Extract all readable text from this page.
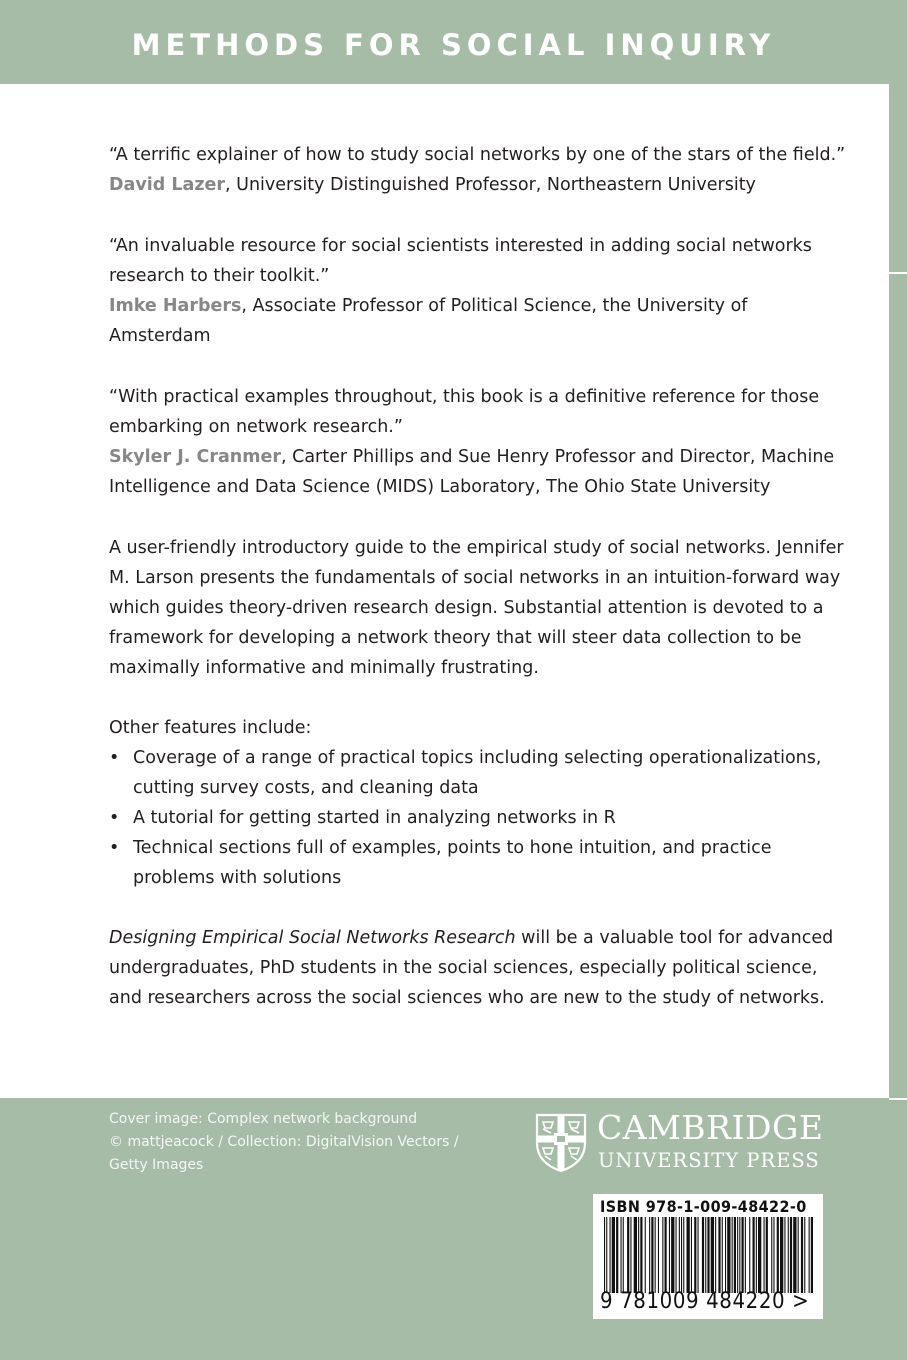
METHODS FOR SOCIAL INQUIRY

“A terrific explainer of how to study social networks by one of the stars of the field.”

David Lazer, University Distinguished Professor, Northeastern University

“An invaluable resource for social scientists interested in adding social networks research to their toolkit.”

Imke Harbers, Associate Professor of Political Science, the University of Amsterdam

“With practical examples throughout, this book is a definitive reference for those embarking on network research.”

Skyler J. Cranmer, Carter Phillips and Sue Henry Professor and Director, Machine Intelligence and Data Science (MIDS) Laboratory, The Ohio State University

A user-friendly introductory guide to the empirical study of social networks. Jennifer M. Larson presents the fundamentals of social networks in an intuition-forward way which guides theory-driven research design. Substantial attention is devoted to a framework for developing a network theory that will steer data collection to be maximally informative and minimally frustrating.

Other features include:

• Coverage of a range of practical topics including selecting operationalizations, cutting survey costs, and cleaning data
• A tutorial for getting started in analyzing networks in R
• Technical sections full of examples, points to hone intuition, and practice problems with solutions

Designing Empirical Social Networks Research will be a valuable tool for advanced undergraduates, PhD students in the social sciences, especially political science, and researchers across the social sciences who are new to the study of networks.

Cover image: Complex network background
© mattjeacock / Collection: DigitalVision Vectors /
Getty Images
CAMBRIDGE
UNIVERSITY PRESS
ISBN 978-1-009-48422-0
9 781009 484220 >
